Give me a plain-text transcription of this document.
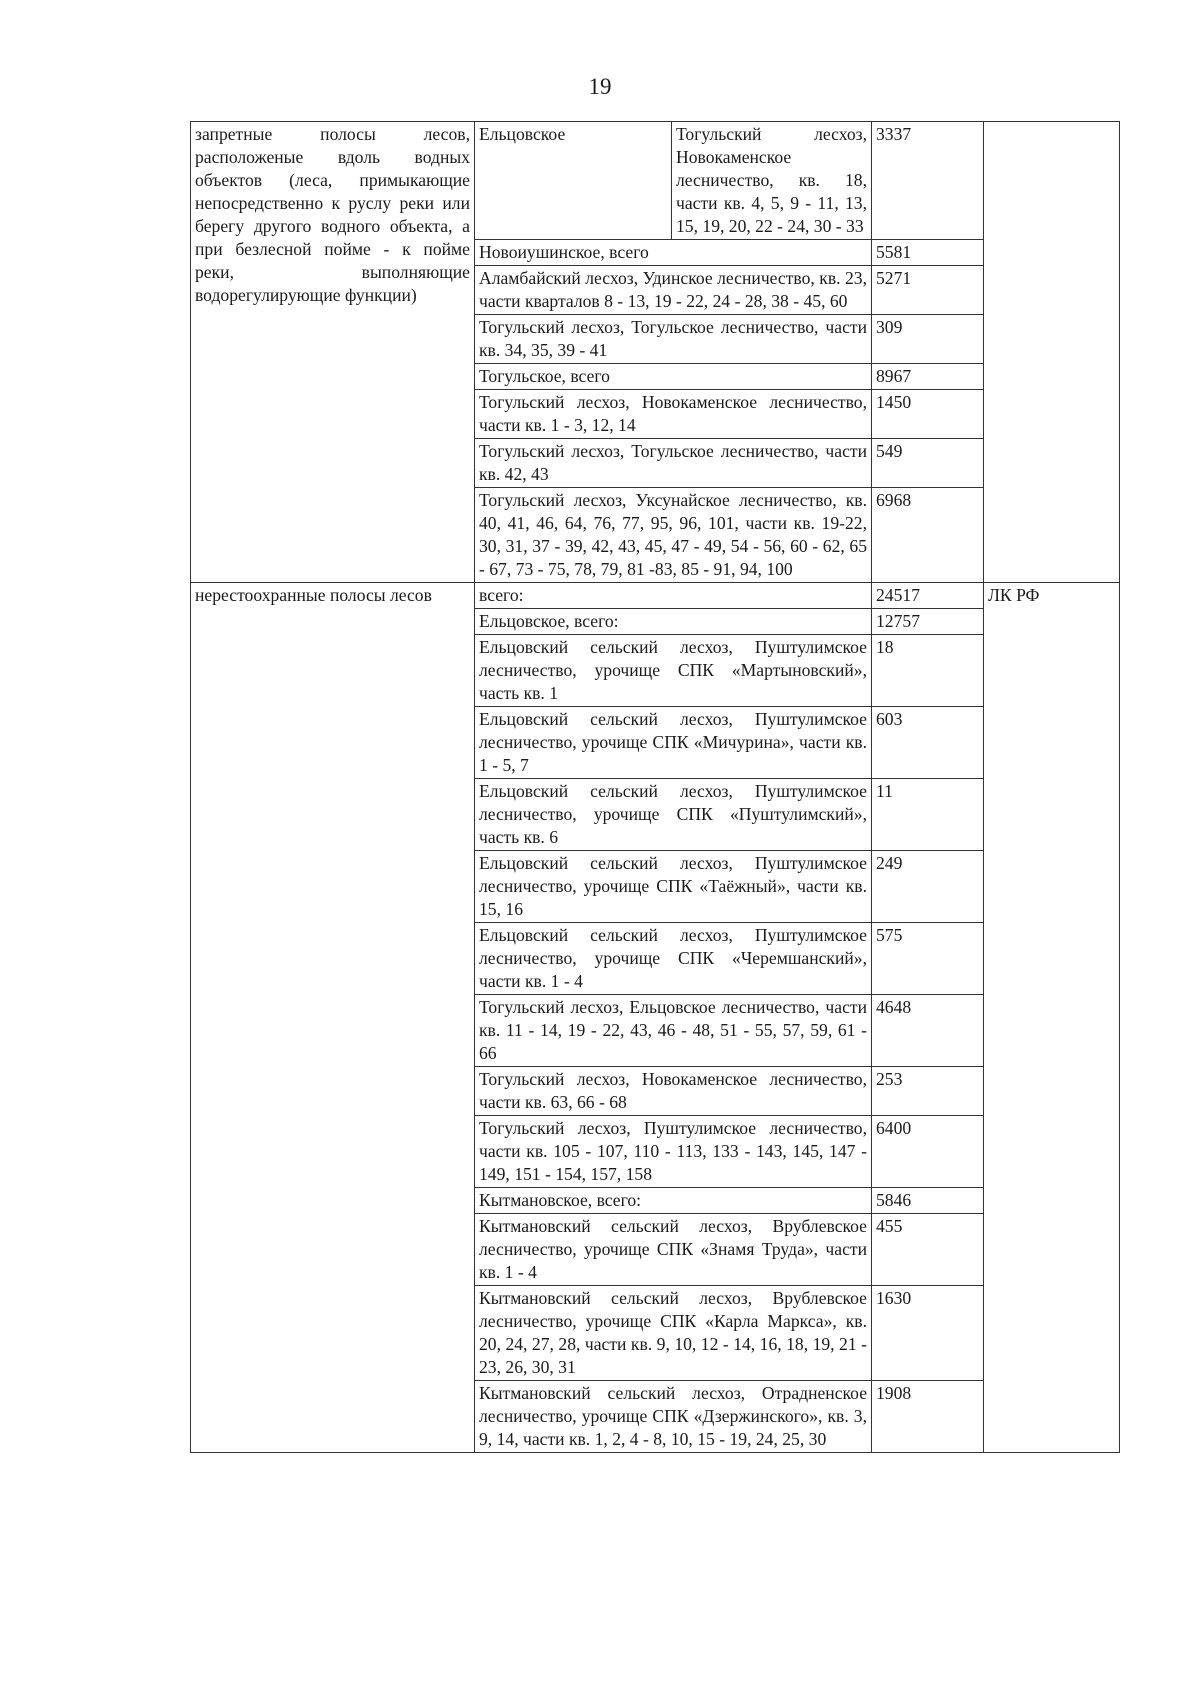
19
запретные полосы лесов, расположеные вдоль водных объектов (леса, примыкающие непосредственно к руслу реки или берегу другого водного объекта, а при безлесной пойме - к пойме реки, выполняющие водорегулирующие функции)	Ельцовское	Тогульский лесхоз, Новокаменское лесничество, кв. 18, части кв. 4, 5, 9 - 11, 13, 15, 19, 20, 22 - 24, 30 - 33	3337	
	Новоиушинское, всего		5581	
	Аламбайский лесхоз, Удинское лесничество, кв. 23, части кварталов 8 - 13, 19 - 22, 24 - 28, 38 - 45, 60		5271	
	Тогульский лесхоз, Тогульское лесничество, части кв. 34, 35, 39 - 41		309	
	Тогульское, всего		8967	
	Тогульский лесхоз, Новокаменское лесничество, части кв. 1 - 3, 12, 14		1450	
	Тогульский лесхоз, Тогульское лесничество, части кв. 42, 43		549	
	Тогульский лесхоз, Уксунайское лесничество, кв. 40, 41, 46, 64, 76, 77, 95, 96, 101, части кв. 19-22, 30, 31, 37 - 39, 42, 43, 45, 47 - 49, 54 - 56, 60 - 62, 65 - 67, 73 - 75, 78, 79, 81 -83, 85 - 91, 94, 100		6968	
нерестоохранные полосы лесов	всего:		24517	ЛК РФ
	Ельцовское, всего:		12757	
	Ельцовский сельский лесхоз, Пуштулимское лесничество, урочище СПК «Мартыновский», часть кв. 1		18	
	Ельцовский сельский лесхоз, Пуштулимское лесничество, урочище СПК «Мичурина», части кв. 1 - 5, 7		603	
	Ельцовский сельский лесхоз, Пуштулимское лесничество, урочище СПК «Пуштулимский», часть кв. 6		11	
	Ельцовский сельский лесхоз, Пуштулимское лесничество, урочище СПК «Таёжный», части кв. 15, 16		249	
	Ельцовский сельский лесхоз, Пуштулимское лесничество, урочище СПК «Черемшанский», части кв. 1 - 4		575	
	Тогульский лесхоз, Ельцовское лесничество, части кв. 11 - 14, 19 - 22, 43, 46 - 48, 51 - 55, 57, 59, 61 - 66		4648	
	Тогульский лесхоз, Новокаменское лесничество, части кв. 63, 66 - 68		253	
	Тогульский лесхоз, Пуштулимское лесничество, части кв. 105 - 107, 110 - 113, 133 - 143, 145, 147 - 149, 151 - 154, 157, 158		6400	
	Кытмановское, всего:		5846	
	Кытмановский сельский лесхоз, Врублевское лесничество, урочище СПК «Знамя Труда», части кв. 1 - 4		455	
	Кытмановский сельский лесхоз, Врублевское лесничество, урочище СПК «Карла Маркса», кв. 20, 24, 27, 28, части кв. 9, 10, 12 - 14, 16, 18, 19, 21 - 23, 26, 30, 31		1630	
	Кытмановский сельский лесхоз, Отрадненское лесничество, урочище СПК «Дзержинского», кв. 3, 9, 14, части кв. 1, 2, 4 - 8, 10, 15 - 19, 24, 25, 30		1908	
